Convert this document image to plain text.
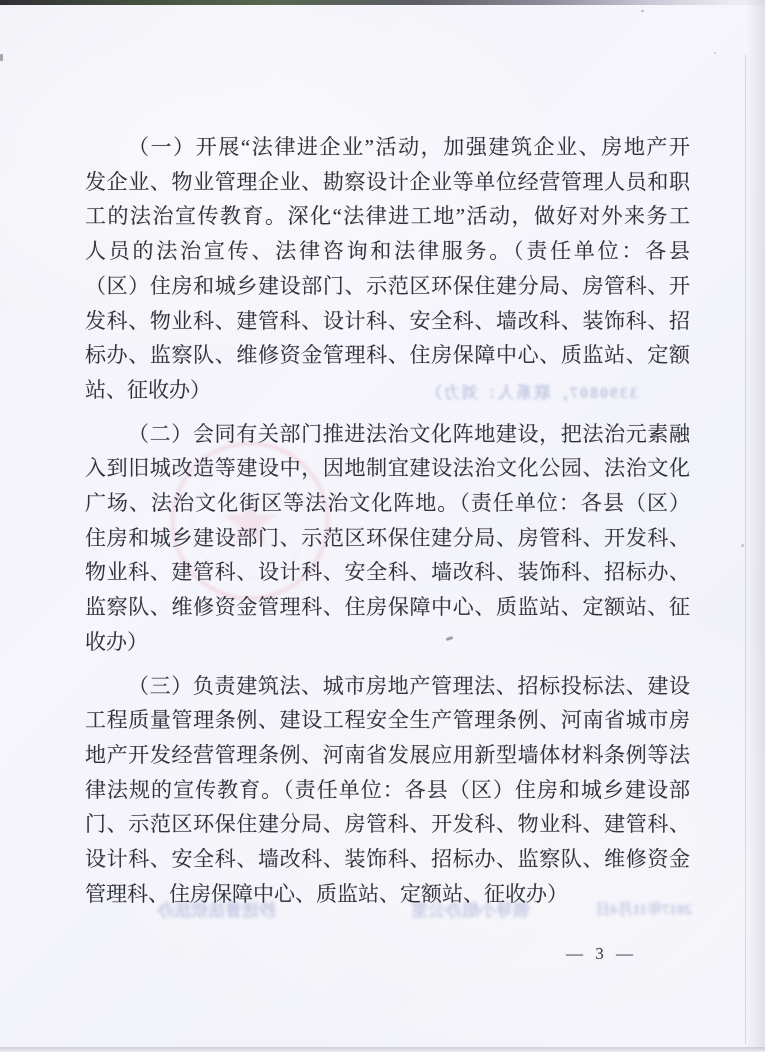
★
3390807，联系人：刘力）
抄送普法依法办	领导小组办公室	2017年11月4日
（一）开展“法律进企业”活动，加强建筑企业、房地产开
发企业、物业管理企业、勘察设计企业等单位经营管理人员和职
工的法治宣传教育。深化“法律进工地”活动，做好对外来务工
人员的法治宣传、法律咨询和法律服务。（责任单位：各县
（区）住房和城乡建设部门、示范区环保住建分局、房管科、开
发科、物业科、建管科、设计科、安全科、墙改科、装饰科、招
标办、监察队、维修资金管理科、住房保障中心、质监站、定额
站、征收办）
（二）会同有关部门推进法治文化阵地建设，把法治元素融
入到旧城改造等建设中，因地制宜建设法治文化公园、法治文化
广场、法治文化街区等法治文化阵地。（责任单位：各县（区）
住房和城乡建设部门、示范区环保住建分局、房管科、开发科、
物业科、建管科、设计科、安全科、墙改科、装饰科、招标办、
监察队、维修资金管理科、住房保障中心、质监站、定额站、征
收办）
（三）负责建筑法、城市房地产管理法、招标投标法、建设
工程质量管理条例、建设工程安全生产管理条例、河南省城市房
地产开发经营管理条例、河南省发展应用新型墙体材料条例等法
律法规的宣传教育。（责任单位：各县（区）住房和城乡建设部
门、示范区环保住建分局、房管科、开发科、物业科、建管科、
设计科、安全科、墙改科、装饰科、招标办、监察队、维修资金
管理科、住房保障中心、质监站、定额站、征收办）
— 3 —
